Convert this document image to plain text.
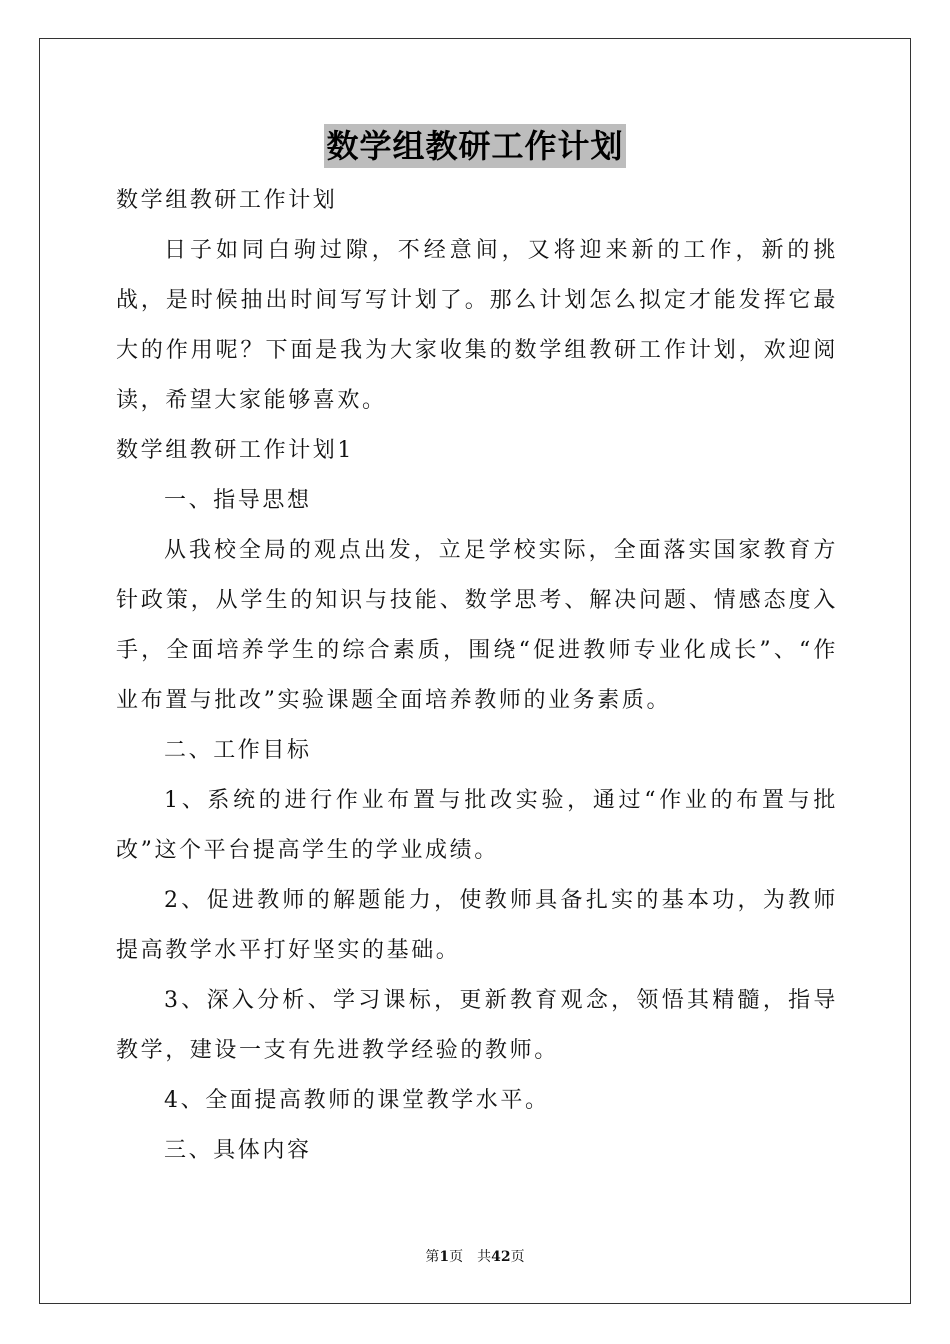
数学组教研工作计划

数学组教研工作计划

日子如同白驹过隙，不经意间，又将迎来新的工作，新的挑战，是时候抽出时间写写计划了。那么计划怎么拟定才能发挥它最大的作用呢？下面是我为大家收集的数学组教研工作计划，欢迎阅读，希望大家能够喜欢。

数学组教研工作计划1

一、指导思想

从我校全局的观点出发，立足学校实际，全面落实国家教育方针政策，从学生的知识与技能、数学思考、解决问题、情感态度入手，全面培养学生的综合素质，围绕“促进教师专业化成长”、“作业布置与批改”实验课题全面培养教师的业务素质。

二、工作目标

1、系统的进行作业布置与批改实验，通过“作业的布置与批改”这个平台提高学生的学业成绩。

2、促进教师的解题能力，使教师具备扎实的基本功，为教师提高教学水平打好坚实的基础。

3、深入分析、学习课标，更新教育观念，领悟其精髓，指导教学，建设一支有先进教学经验的教师。

4、全面提高教师的课堂教学水平。

三、具体内容

第1页 共42页
